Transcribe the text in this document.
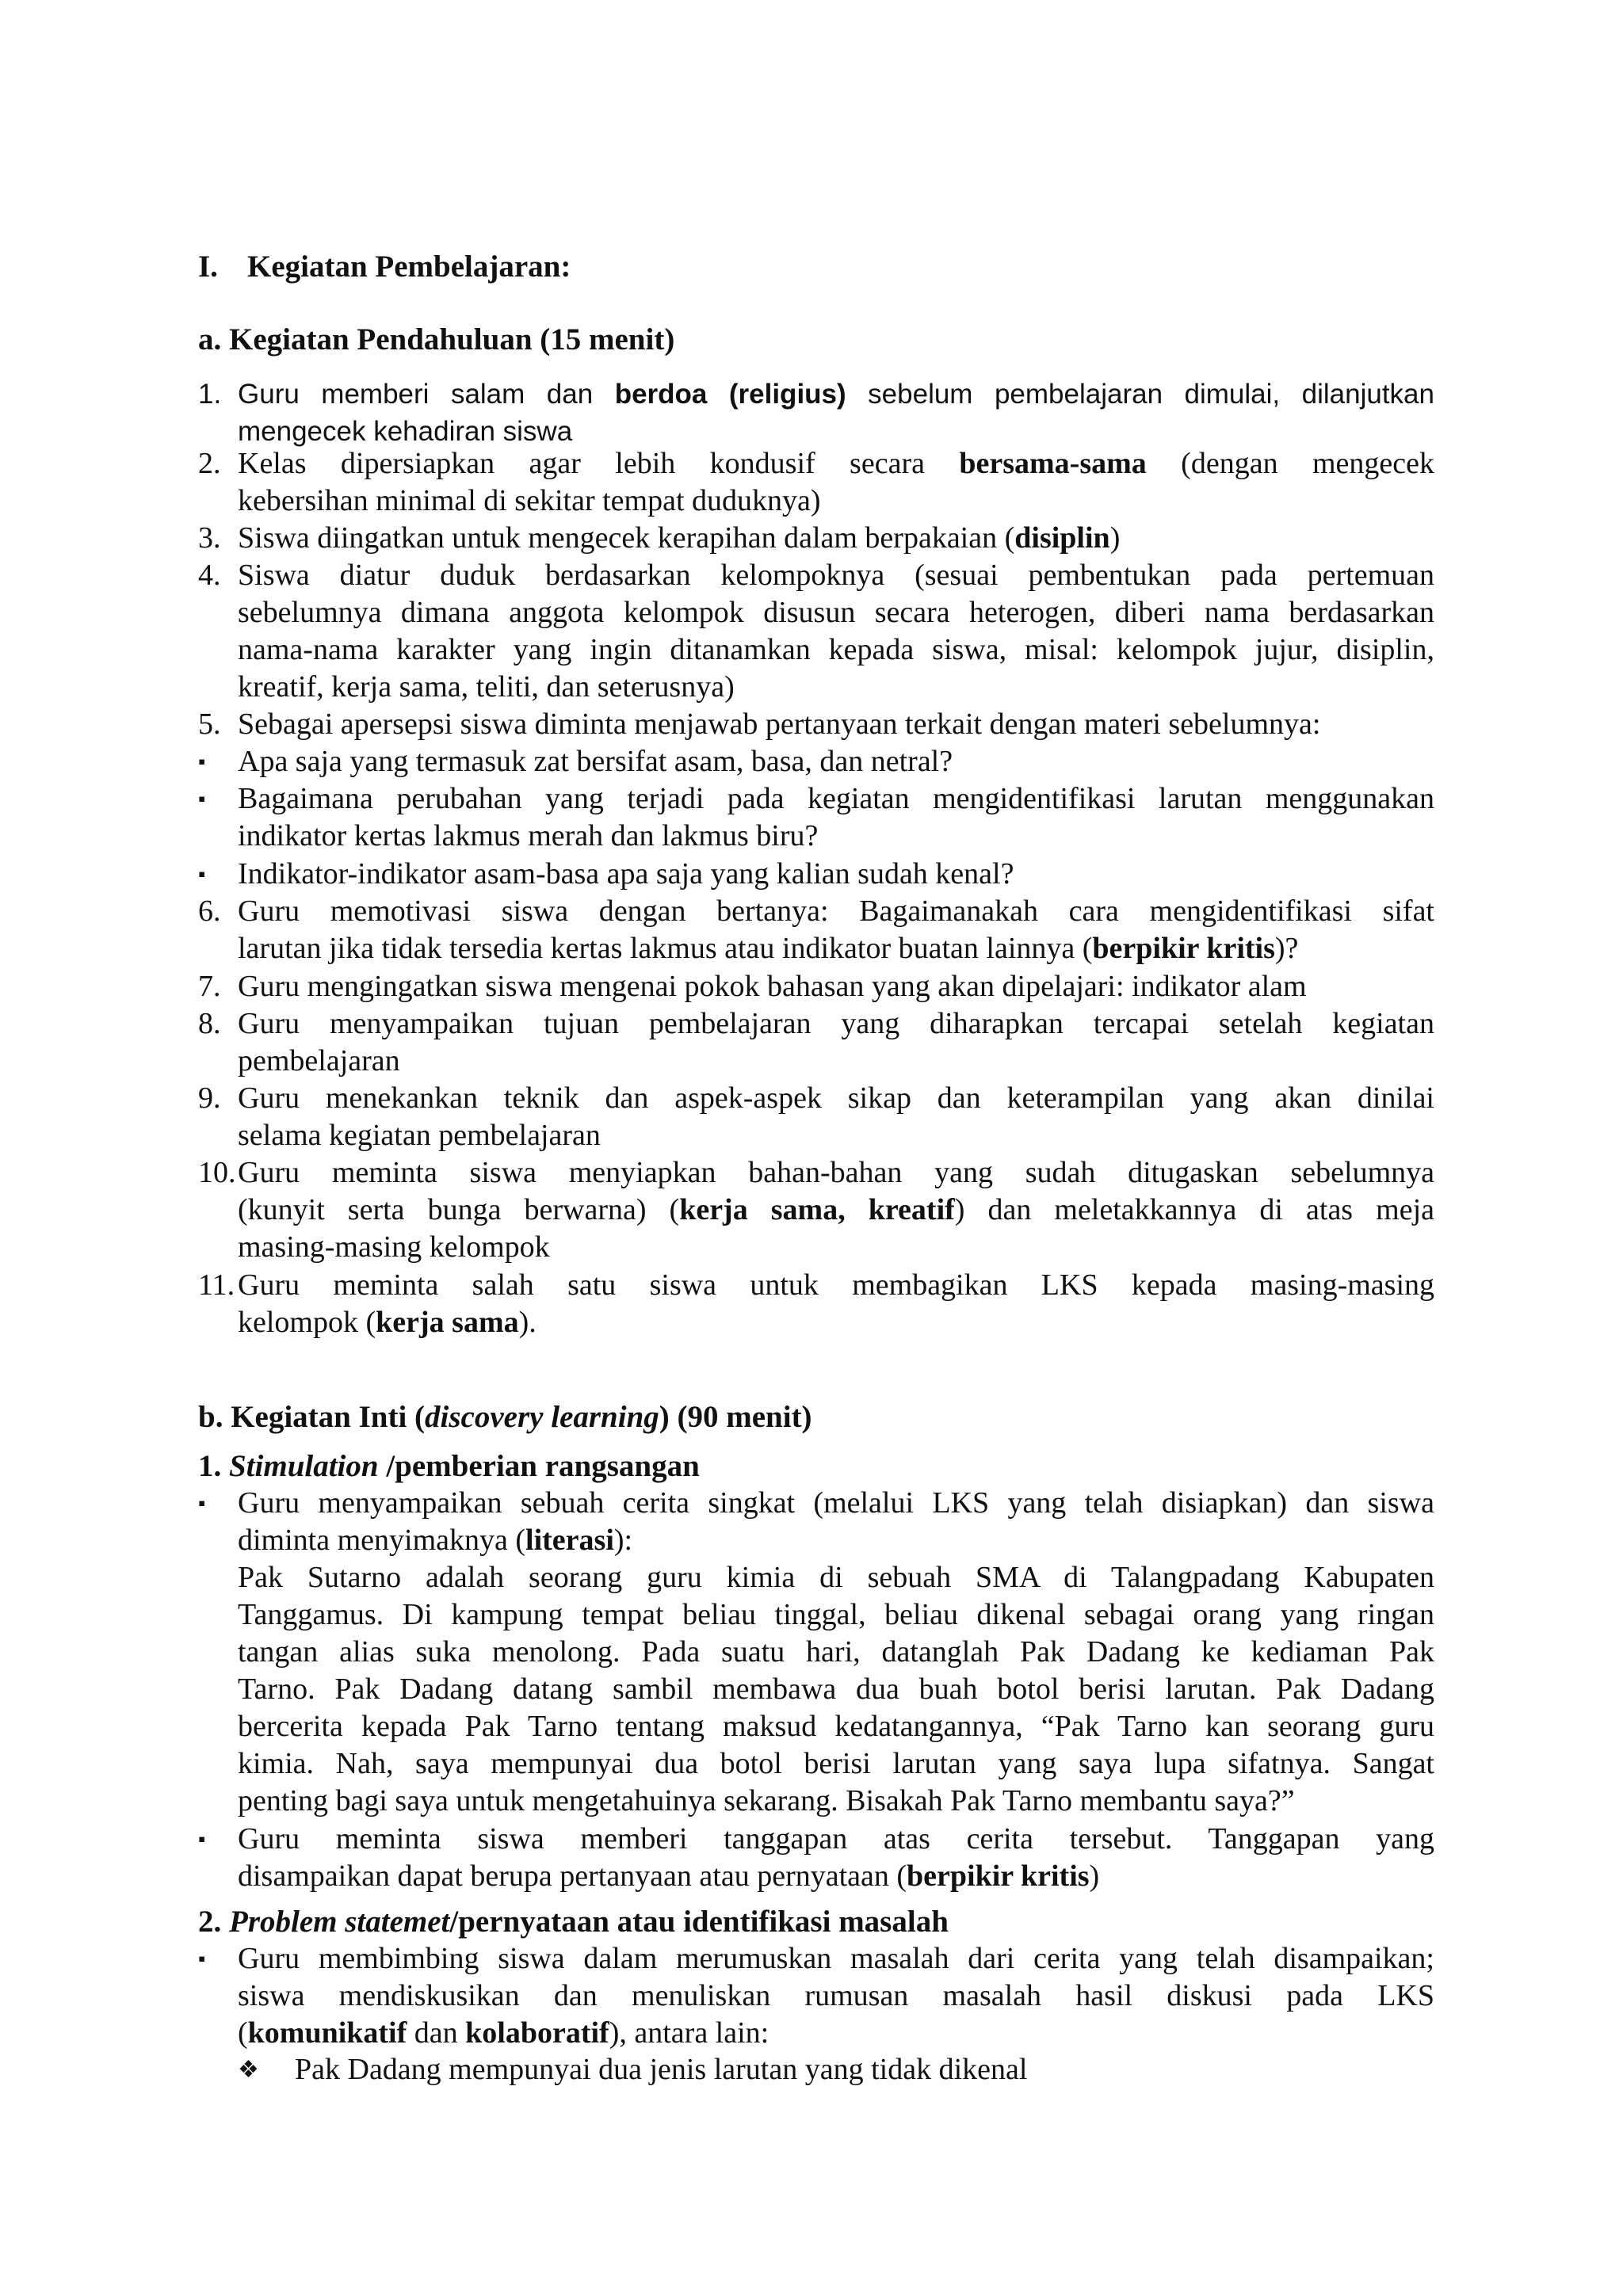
I. Kegiatan Pembelajaran:
a. Kegiatan Pendahuluan (15 menit)
1. Guru memberi salam dan berdoa (religius) sebelum pembelajaran dimulai, dilanjutkan
mengecek kehadiran siswa
2. Kelas dipersiapkan agar lebih kondusif secara bersama-sama (dengan mengecek
kebersihan minimal di sekitar tempat duduknya)
3. Siswa diingatkan untuk mengecek kerapihan dalam berpakaian (disiplin)
4. Siswa diatur duduk berdasarkan kelompoknya (sesuai pembentukan pada pertemuan
sebelumnya dimana anggota kelompok disusun secara heterogen, diberi nama berdasarkan
nama-nama karakter yang ingin ditanamkan kepada siswa, misal: kelompok jujur, disiplin,
kreatif, kerja sama, teliti, dan seterusnya)
5. Sebagai apersepsi siswa diminta menjawab pertanyaan terkait dengan materi sebelumnya:
▪	Apa saja yang termasuk zat bersifat asam, basa, dan netral?
▪	Bagaimana perubahan yang terjadi pada kegiatan mengidentifikasi larutan menggunakan
indikator kertas lakmus merah dan lakmus biru?
▪	Indikator-indikator asam-basa apa saja yang kalian sudah kenal?
6. Guru memotivasi siswa dengan bertanya: Bagaimanakah cara mengidentifikasi sifat
larutan jika tidak tersedia kertas lakmus atau indikator buatan lainnya (berpikir kritis)?
7. Guru mengingatkan siswa mengenai pokok bahasan yang akan dipelajari: indikator alam
8. Guru menyampaikan tujuan pembelajaran yang diharapkan tercapai setelah kegiatan
pembelajaran
9. Guru menekankan teknik dan aspek-aspek sikap dan keterampilan yang akan dinilai
selama kegiatan pembelajaran
10. Guru meminta siswa menyiapkan bahan-bahan yang sudah ditugaskan sebelumnya
(kunyit serta bunga berwarna) (kerja sama, kreatif) dan meletakkannya di atas meja
masing-masing kelompok
11. Guru meminta salah satu siswa untuk membagikan LKS kepada masing-masing
kelompok (kerja sama).
b. Kegiatan Inti (discovery learning) (90 menit)
1. Stimulation /pemberian rangsangan
▪	Guru menyampaikan sebuah cerita singkat (melalui LKS yang telah disiapkan) dan siswa
diminta menyimaknya (literasi):
Pak Sutarno adalah seorang guru kimia di sebuah SMA di Talangpadang Kabupaten
Tanggamus. Di kampung tempat beliau tinggal, beliau dikenal sebagai orang yang ringan
tangan alias suka menolong. Pada suatu hari, datanglah Pak Dadang ke kediaman Pak
Tarno. Pak Dadang datang sambil membawa dua buah botol berisi larutan. Pak Dadang
bercerita kepada Pak Tarno tentang maksud kedatangannya, “Pak Tarno kan seorang guru
kimia. Nah, saya mempunyai dua botol berisi larutan yang saya lupa sifatnya. Sangat
penting bagi saya untuk mengetahuinya sekarang. Bisakah Pak Tarno membantu saya?”
▪	Guru meminta siswa memberi tanggapan atas cerita tersebut. Tanggapan yang
disampaikan dapat berupa pertanyaan atau pernyataan (berpikir kritis)
2. Problem statemet/pernyataan atau identifikasi masalah
▪	Guru membimbing siswa dalam merumuskan masalah dari cerita yang telah disampaikan;
siswa mendiskusikan dan menuliskan rumusan masalah hasil diskusi pada LKS
(komunikatif dan kolaboratif), antara lain:
❖	Pak Dadang mempunyai dua jenis larutan yang tidak dikenal
